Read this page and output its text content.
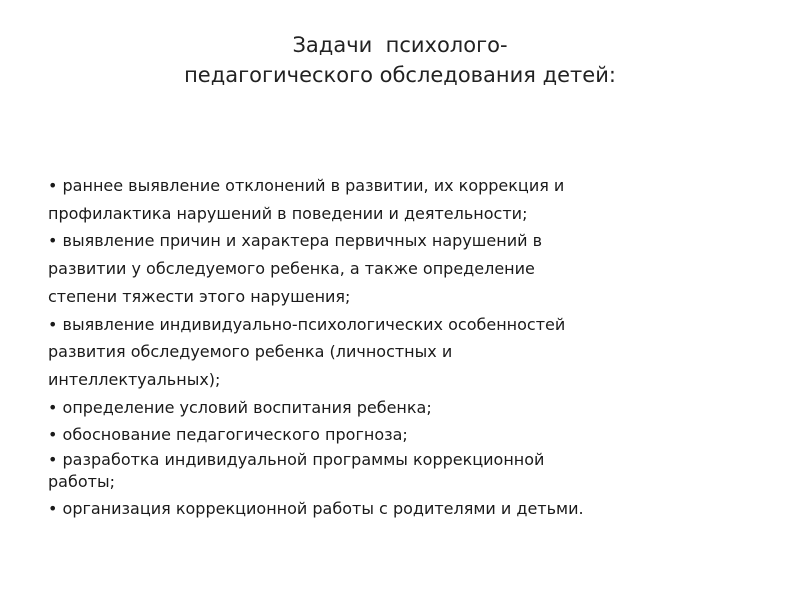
Задачи  психолого-
педагогического обследования детей:
• раннее выявление отклонений в развитии, их коррекция и
профилактика нарушений в поведении и деятельности;
• выявление причин и характера первичных нарушений в
развитии у обследуемого ребенка, а также определение
степени тяжести этого нарушения;
• выявление индивидуально-психологических особенностей
развития обследуемого ребенка (личностных и
интеллектуальных);
• определение условий воспитания ребенка;
• обоснование педагогического прогноза;
• разработка индивидуальной программы коррекционной
работы;
• организация коррекционной работы с родителями и детьми.
